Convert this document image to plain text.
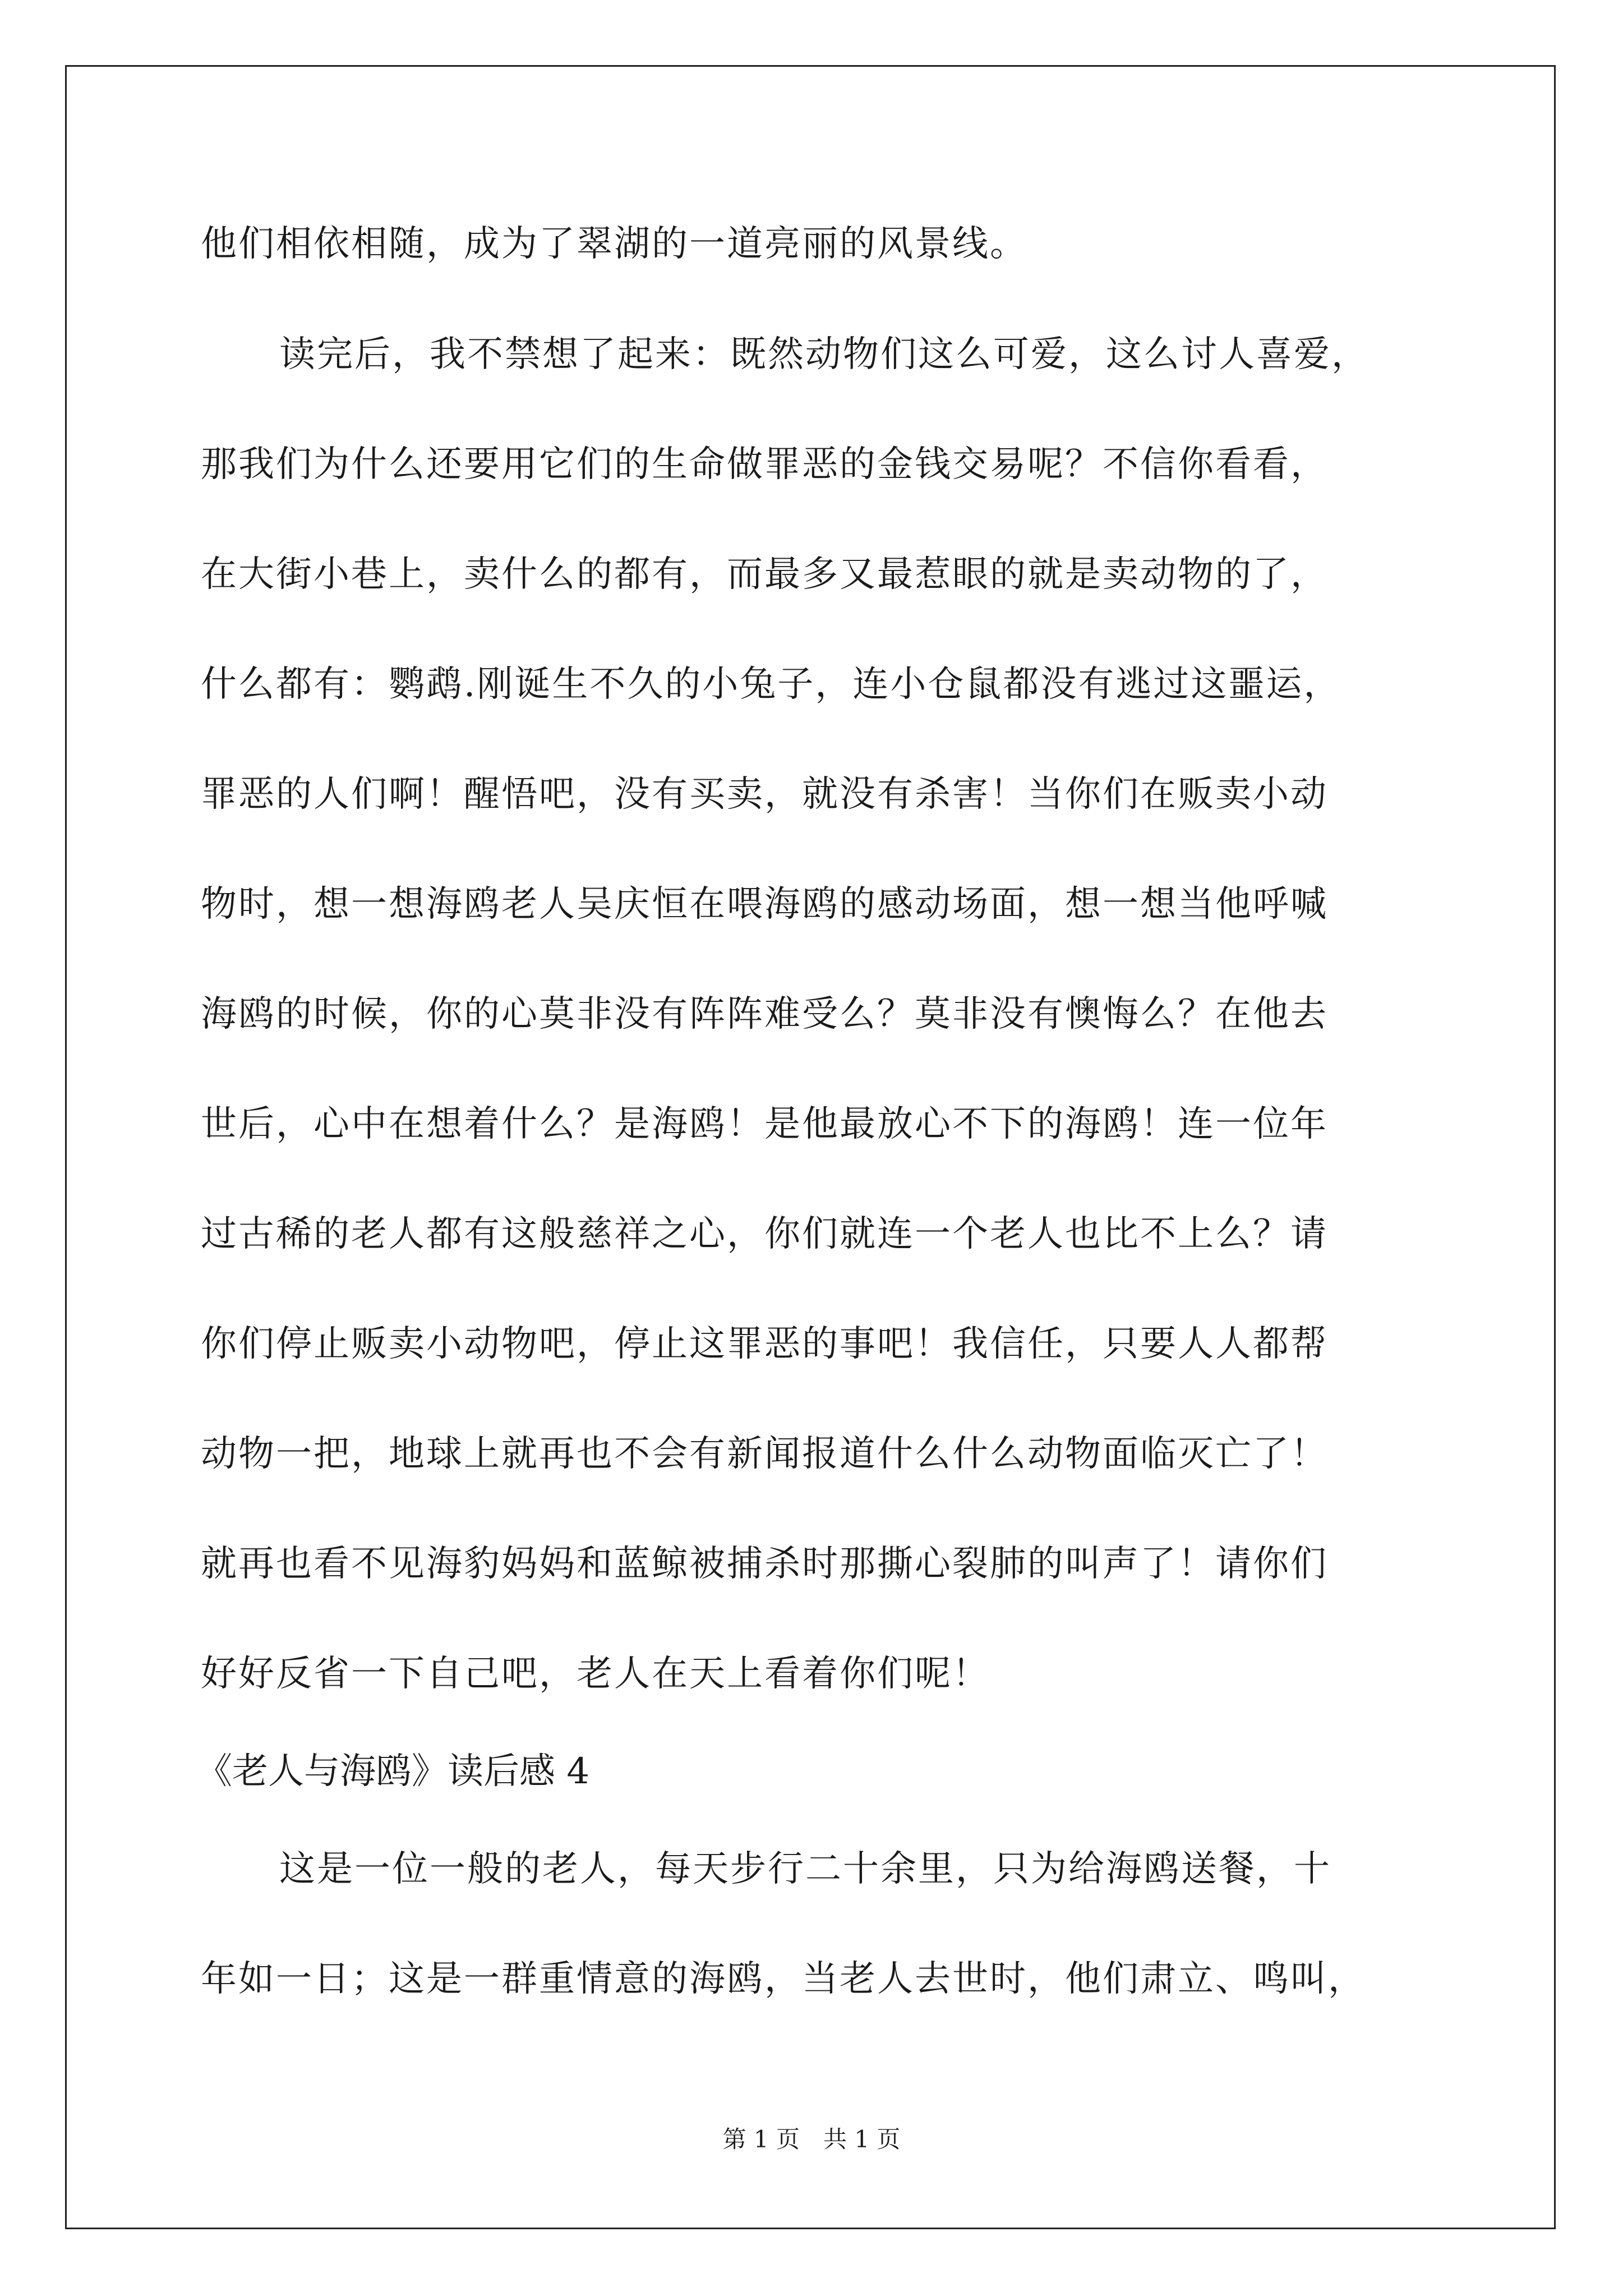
他们相依相随，成为了翠湖的一道亮丽的风景线。
读完后，我不禁想了起来：既然动物们这么可爱，这么讨人喜爱，
那我们为什么还要用它们的生命做罪恶的金钱交易呢？不信你看看，
在大街小巷上，卖什么的都有，而最多又最惹眼的就是卖动物的了，
什么都有：鹦鹉.刚诞生不久的小兔子，连小仓鼠都没有逃过这噩运，
罪恶的人们啊！醒悟吧，没有买卖，就没有杀害！当你们在贩卖小动
物时，想一想海鸥老人吴庆恒在喂海鸥的感动场面，想一想当他呼喊
海鸥的时候，你的心莫非没有阵阵难受么？莫非没有懊悔么？在他去
世后，心中在想着什么？是海鸥！是他最放心不下的海鸥！连一位年
过古稀的老人都有这般慈祥之心，你们就连一个老人也比不上么？请
你们停止贩卖小动物吧，停止这罪恶的事吧！我信任，只要人人都帮
动物一把，地球上就再也不会有新闻报道什么什么动物面临灭亡了！
就再也看不见海豹妈妈和蓝鲸被捕杀时那撕心裂肺的叫声了！请你们
好好反省一下自己吧，老人在天上看着你们呢！
《老人与海鸥》读后感 4
这是一位一般的老人，每天步行二十余里，只为给海鸥送餐，十
年如一日；这是一群重情意的海鸥，当老人去世时，他们肃立、鸣叫，
第 1 页　共 1 页
